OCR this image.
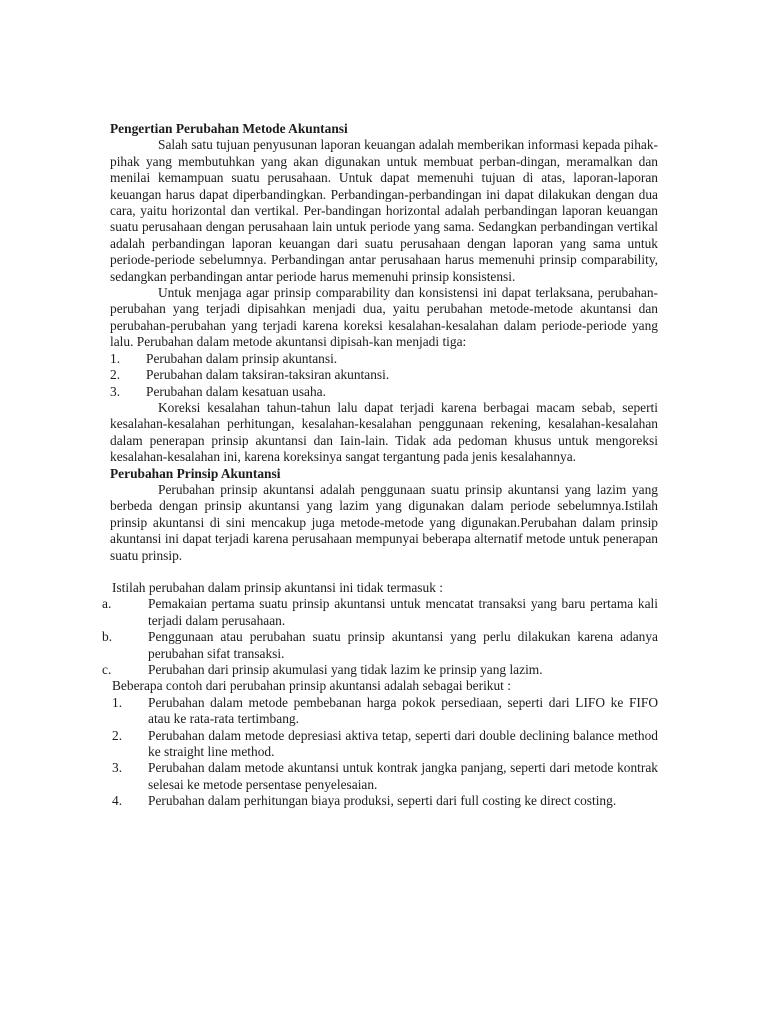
Pengertian Perubahan Metode Akuntansi

Salah satu tujuan penyusunan laporan keuangan adalah memberikan informasi kepada pihak-pihak yang membutuhkan yang akan digunakan untuk membuat perban-dingan, meramalkan dan menilai kemampuan suatu perusahaan. Untuk dapat memenuhi tujuan di atas, laporan-laporan keuangan harus dapat diperbandingkan. Perbandingan-perbandingan ini dapat dilakukan dengan dua cara, yaitu horizontal dan vertikal. Per-bandingan horizontal adalah perbandingan laporan keuangan suatu perusahaan dengan perusahaan lain untuk periode yang sama. Sedangkan perbandingan vertikal adalah perbandingan laporan keuangan dari suatu perusahaan dengan laporan yang sama untuk periode-periode sebelumnya. Perbandingan antar perusahaan harus memenuhi prinsip comparability, sedangkan perbandingan antar periode harus memenuhi prinsip konsistensi.

Untuk menjaga agar prinsip comparability dan konsistensi ini dapat terlaksana, perubahan-perubahan yang terjadi dipisahkan menjadi dua, yaitu perubahan metode-metode akuntansi dan perubahan-perubahan yang terjadi karena koreksi kesalahan-kesalahan dalam periode-periode yang lalu. Perubahan dalam metode akuntansi dipisah-kan menjadi tiga:

1. Perubahan dalam prinsip akuntansi.
2. Perubahan dalam taksiran-taksiran akuntansi.
3. Perubahan dalam kesatuan usaha.

Koreksi kesalahan tahun-tahun lalu dapat terjadi karena berbagai macam sebab, seperti kesalahan-kesalahan perhitungan, kesalahan-kesalahan penggunaan rekening, kesalahan-kesalahan dalam penerapan prinsip akuntansi dan Iain-lain. Tidak ada pedoman khusus untuk mengoreksi kesalahan-kesalahan ini, karena koreksinya sangat tergantung pada jenis kesalahannya.

Perubahan Prinsip Akuntansi

Perubahan prinsip akuntansi adalah penggunaan suatu prinsip akuntansi yang lazim yang berbeda dengan prinsip akuntansi yang lazim yang digunakan dalam periode sebelumnya.Istilah prinsip akuntansi di sini mencakup juga metode-metode yang digunakan.Perubahan dalam prinsip akuntansi ini dapat terjadi karena perusahaan mempunyai beberapa alternatif metode untuk penerapan suatu prinsip.

Istilah perubahan dalam prinsip akuntansi ini tidak termasuk :

a.	Pemakaian pertama suatu prinsip akuntansi untuk mencatat transaksi yang baru pertama kali terjadi dalam perusahaan.
b.	Penggunaan atau perubahan suatu prinsip akuntansi yang perlu dilakukan karena adanya perubahan sifat transaksi.
c.	Perubahan dari prinsip akumulasi yang tidak lazim ke prinsip yang lazim.

Beberapa contoh dari perubahan prinsip akuntansi adalah sebagai berikut :

1. Perubahan dalam metode pembebanan harga pokok persediaan, seperti dari LIFO ke FIFO atau ke rata-rata tertimbang.
2. Perubahan dalam metode depresiasi aktiva tetap, seperti dari double declining balance method ke straight line method.
3. Perubahan dalam metode akuntansi untuk kontrak jangka panjang, seperti dari metode kontrak selesai ke metode persentase penyelesaian.
4. Perubahan dalam perhitungan biaya produksi, seperti dari full costing ke direct costing.
